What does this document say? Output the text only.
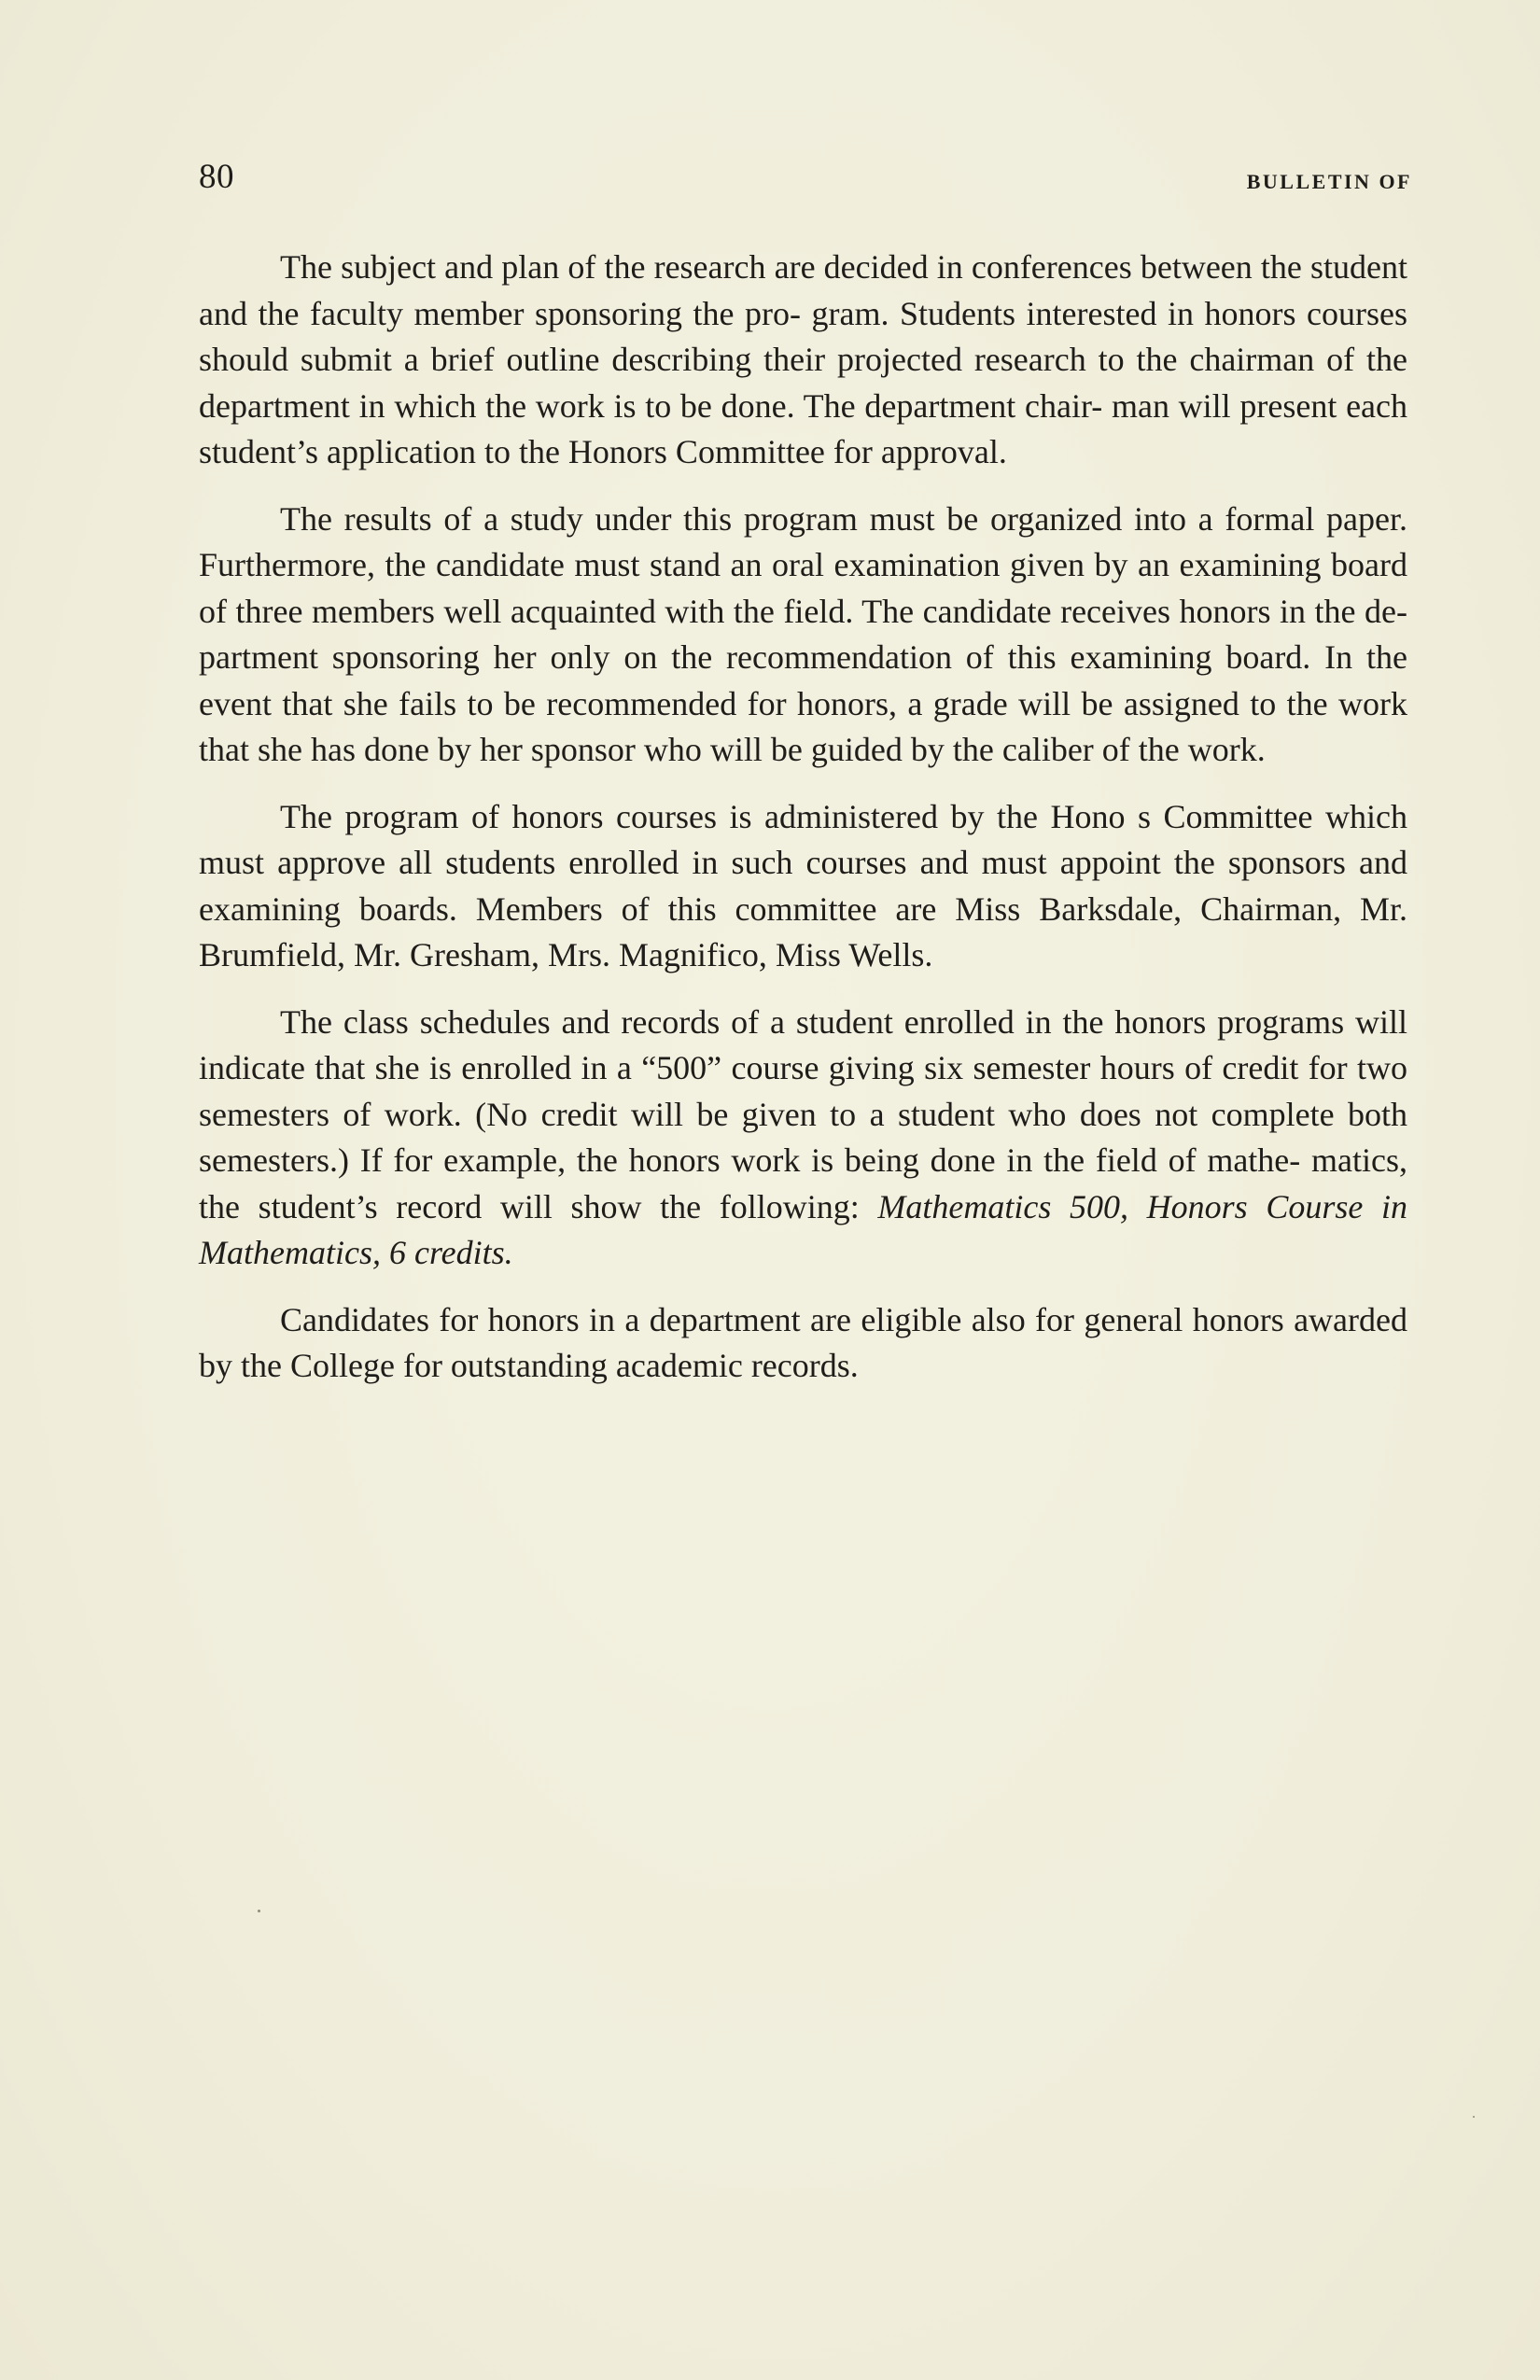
80	BULLETIN OF

The subject and plan of the research are decided in conferences between the student and the faculty member sponsoring the pro- gram. Students interested in honors courses should submit a brief outline describing their projected research to the chairman of the department in which the work is to be done. The department chair- man will present each student’s application to the Honors Committee for approval.

The results of a study under this program must be organized into a formal paper. Furthermore, the candidate must stand an oral examination given by an examining board of three members well acquainted with the field. The candidate receives honors in the de- partment sponsoring her only on the recommendation of this examining board. In the event that she fails to be recommended for honors, a grade will be assigned to the work that she has done by her sponsor who will be guided by the caliber of the work.

The program of honors courses is administered by the Hono s Committee which must approve all students enrolled in such courses and must appoint the sponsors and examining boards. Members of this committee are Miss Barksdale, Chairman, Mr. Brumfield, Mr. Gresham, Mrs. Magnifico, Miss Wells.

The class schedules and records of a student enrolled in the honors programs will indicate that she is enrolled in a “500” course giving six semester hours of credit for two semesters of work. (No credit will be given to a student who does not complete both semesters.) If for example, the honors work is being done in the field of mathe- matics, the student’s record will show the following: Mathematics 500, Honors Course in Mathematics, 6 credits.

Candidates for honors in a department are eligible also for general honors awarded by the College for outstanding academic records.
